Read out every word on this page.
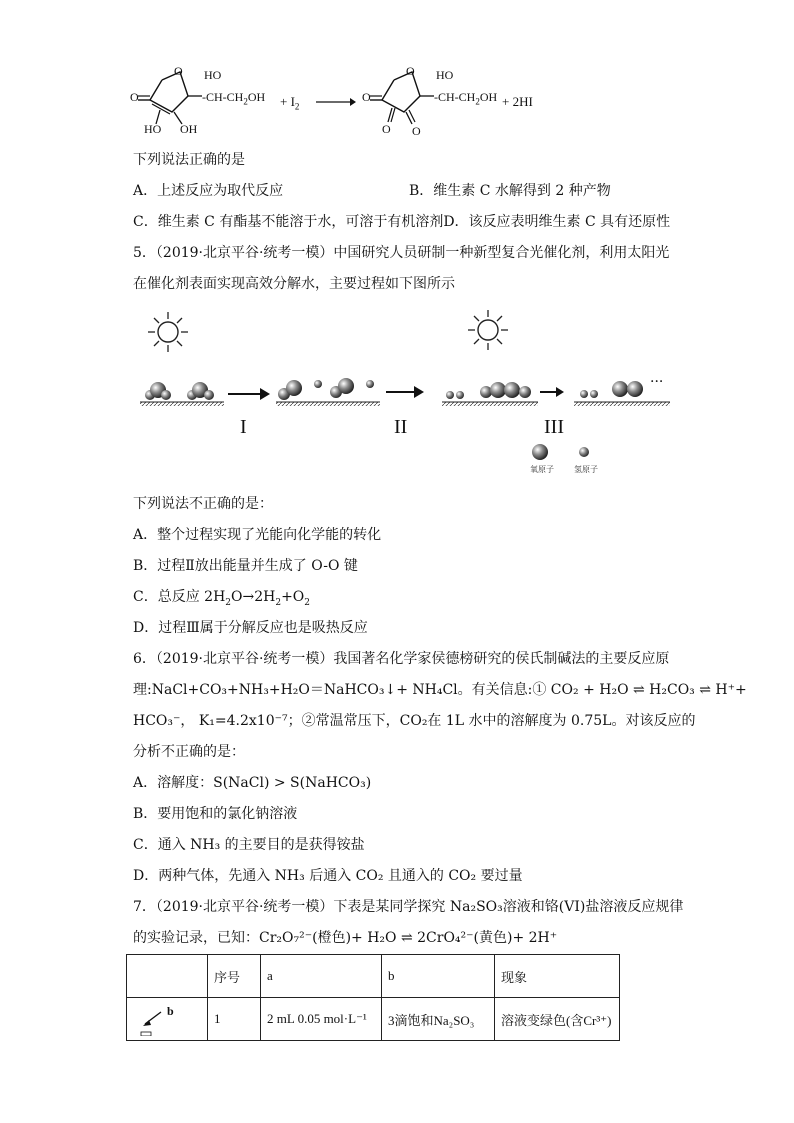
O
O
HO
$-CH-CH_2OH$
HO OH
+ $I_2$ →
O
O
O O
HO
$-CH-CH_2OH + 2HI$
下列说法正确的是
A．上述反应为取代反应	B．维生素 C 水解得到 2 种产物
C．维生素 C 有酯基不能溶于水，可溶于有机溶剂D．该反应表明维生素 C 具有还原性
5．（2019·北京平谷·统考一模）中国研究人员研制一种新型复合光催化剂，利用太阳光
在催化剂表面实现高效分解水，主要过程如下图所示
I	II	III
···
氧原子	氢原子
下列说法不正确的是：
A．整个过程实现了光能向化学能的转化
B．过程Ⅱ放出能量并生成了 O-O 键
C．总反应 $2H_2O\to 2H_2+O_2$
D．过程Ⅲ属于分解反应也是吸热反应
6．（2019·北京平谷·统考一模）我国著名化学家侯德榜研究的侯氏制碱法的主要反应原
理:NaCl+CO₃+NH₃+H₂O＝NaHCO₃↓+ NH₄Cl。有关信息:① CO₂ + H₂O ⇌ H₂CO₃ ⇌ H⁺+
HCO₃⁻， K₁=4.2x10⁻⁷；②常温常压下，CO₂在 1L 水中的溶解度为 0.75L。对该反应的
分析不正确的是：
A．溶解度：S(NaCl) > S(NaHCO₃)
B．要用饱和的氯化钠溶液
C．通入 NH₃ 的主要目的是获得铵盐
D．两种气体，先通入 NH₃ 后通入 CO₂ 且通入的 CO₂ 要过量
7．（2019·北京平谷·统考一模）下表是某同学探究 Na₂SO₃溶液和铬(VI)盐溶液反应规律
的实验记录，已知：Cr₂O₇²⁻(橙色)+ H₂O ⇌ 2CrO₄²⁻(黄色)+ 2H⁺
	序号	a	b	现象

b	1	2 mL 0.05 mol·L⁻¹	3滴饱和Na₂SO₃	溶液变绿色(含Cr³⁺)
